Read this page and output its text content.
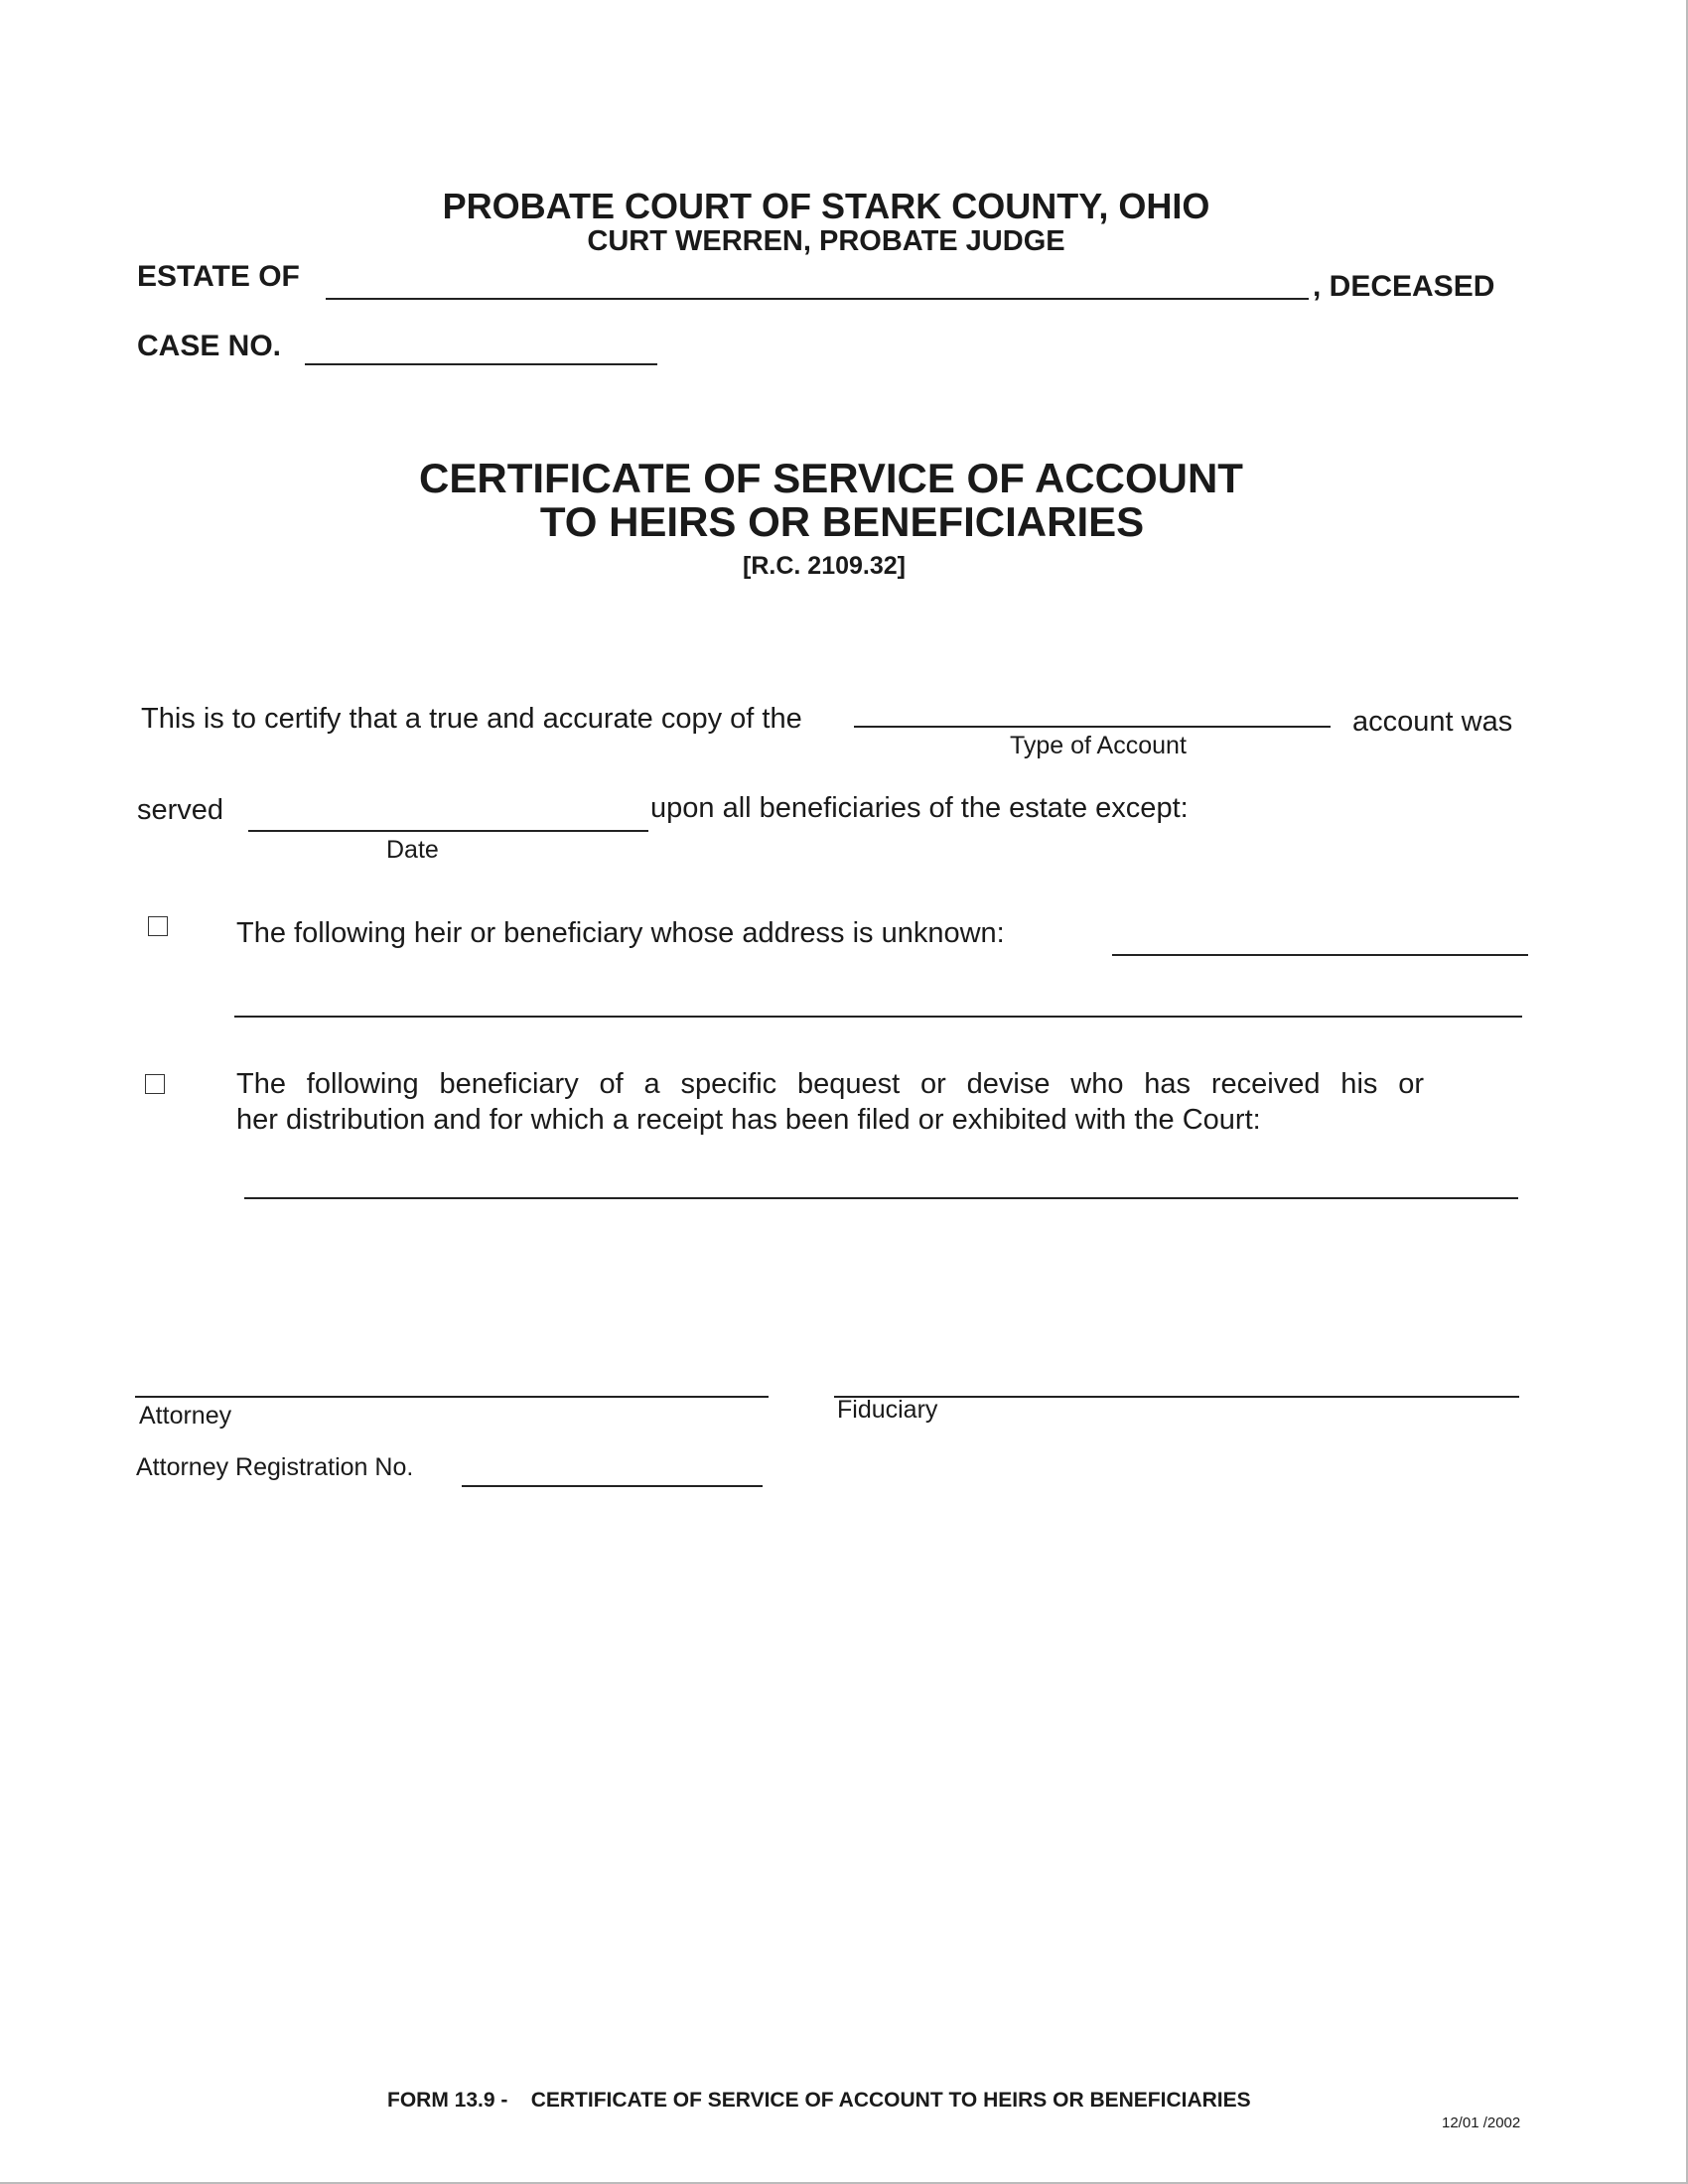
PROBATE COURT OF STARK COUNTY, OHIO
CURT WERREN, PROBATE JUDGE
ESTATE OF	, DECEASED
CASE NO.
CERTIFICATE OF SERVICE OF ACCOUNT
TO HEIRS OR BENEFICIARIES
[R.C. 2109.32]
This is to certify that a true and accurate copy of the	account was
Type of Account
served	upon all beneficiaries of the estate except:
Date
The following heir or beneficiary whose address is unknown:
The following beneficiary of a specific bequest or devise who has received his or
her distribution and for which a receipt has been filed or exhibited with the Court:
Attorney	Fiduciary
Attorney Registration No.
FORM 13.9 -    CERTIFICATE OF SERVICE OF ACCOUNT TO HEIRS OR BENEFICIARIES
12/01 /2002
